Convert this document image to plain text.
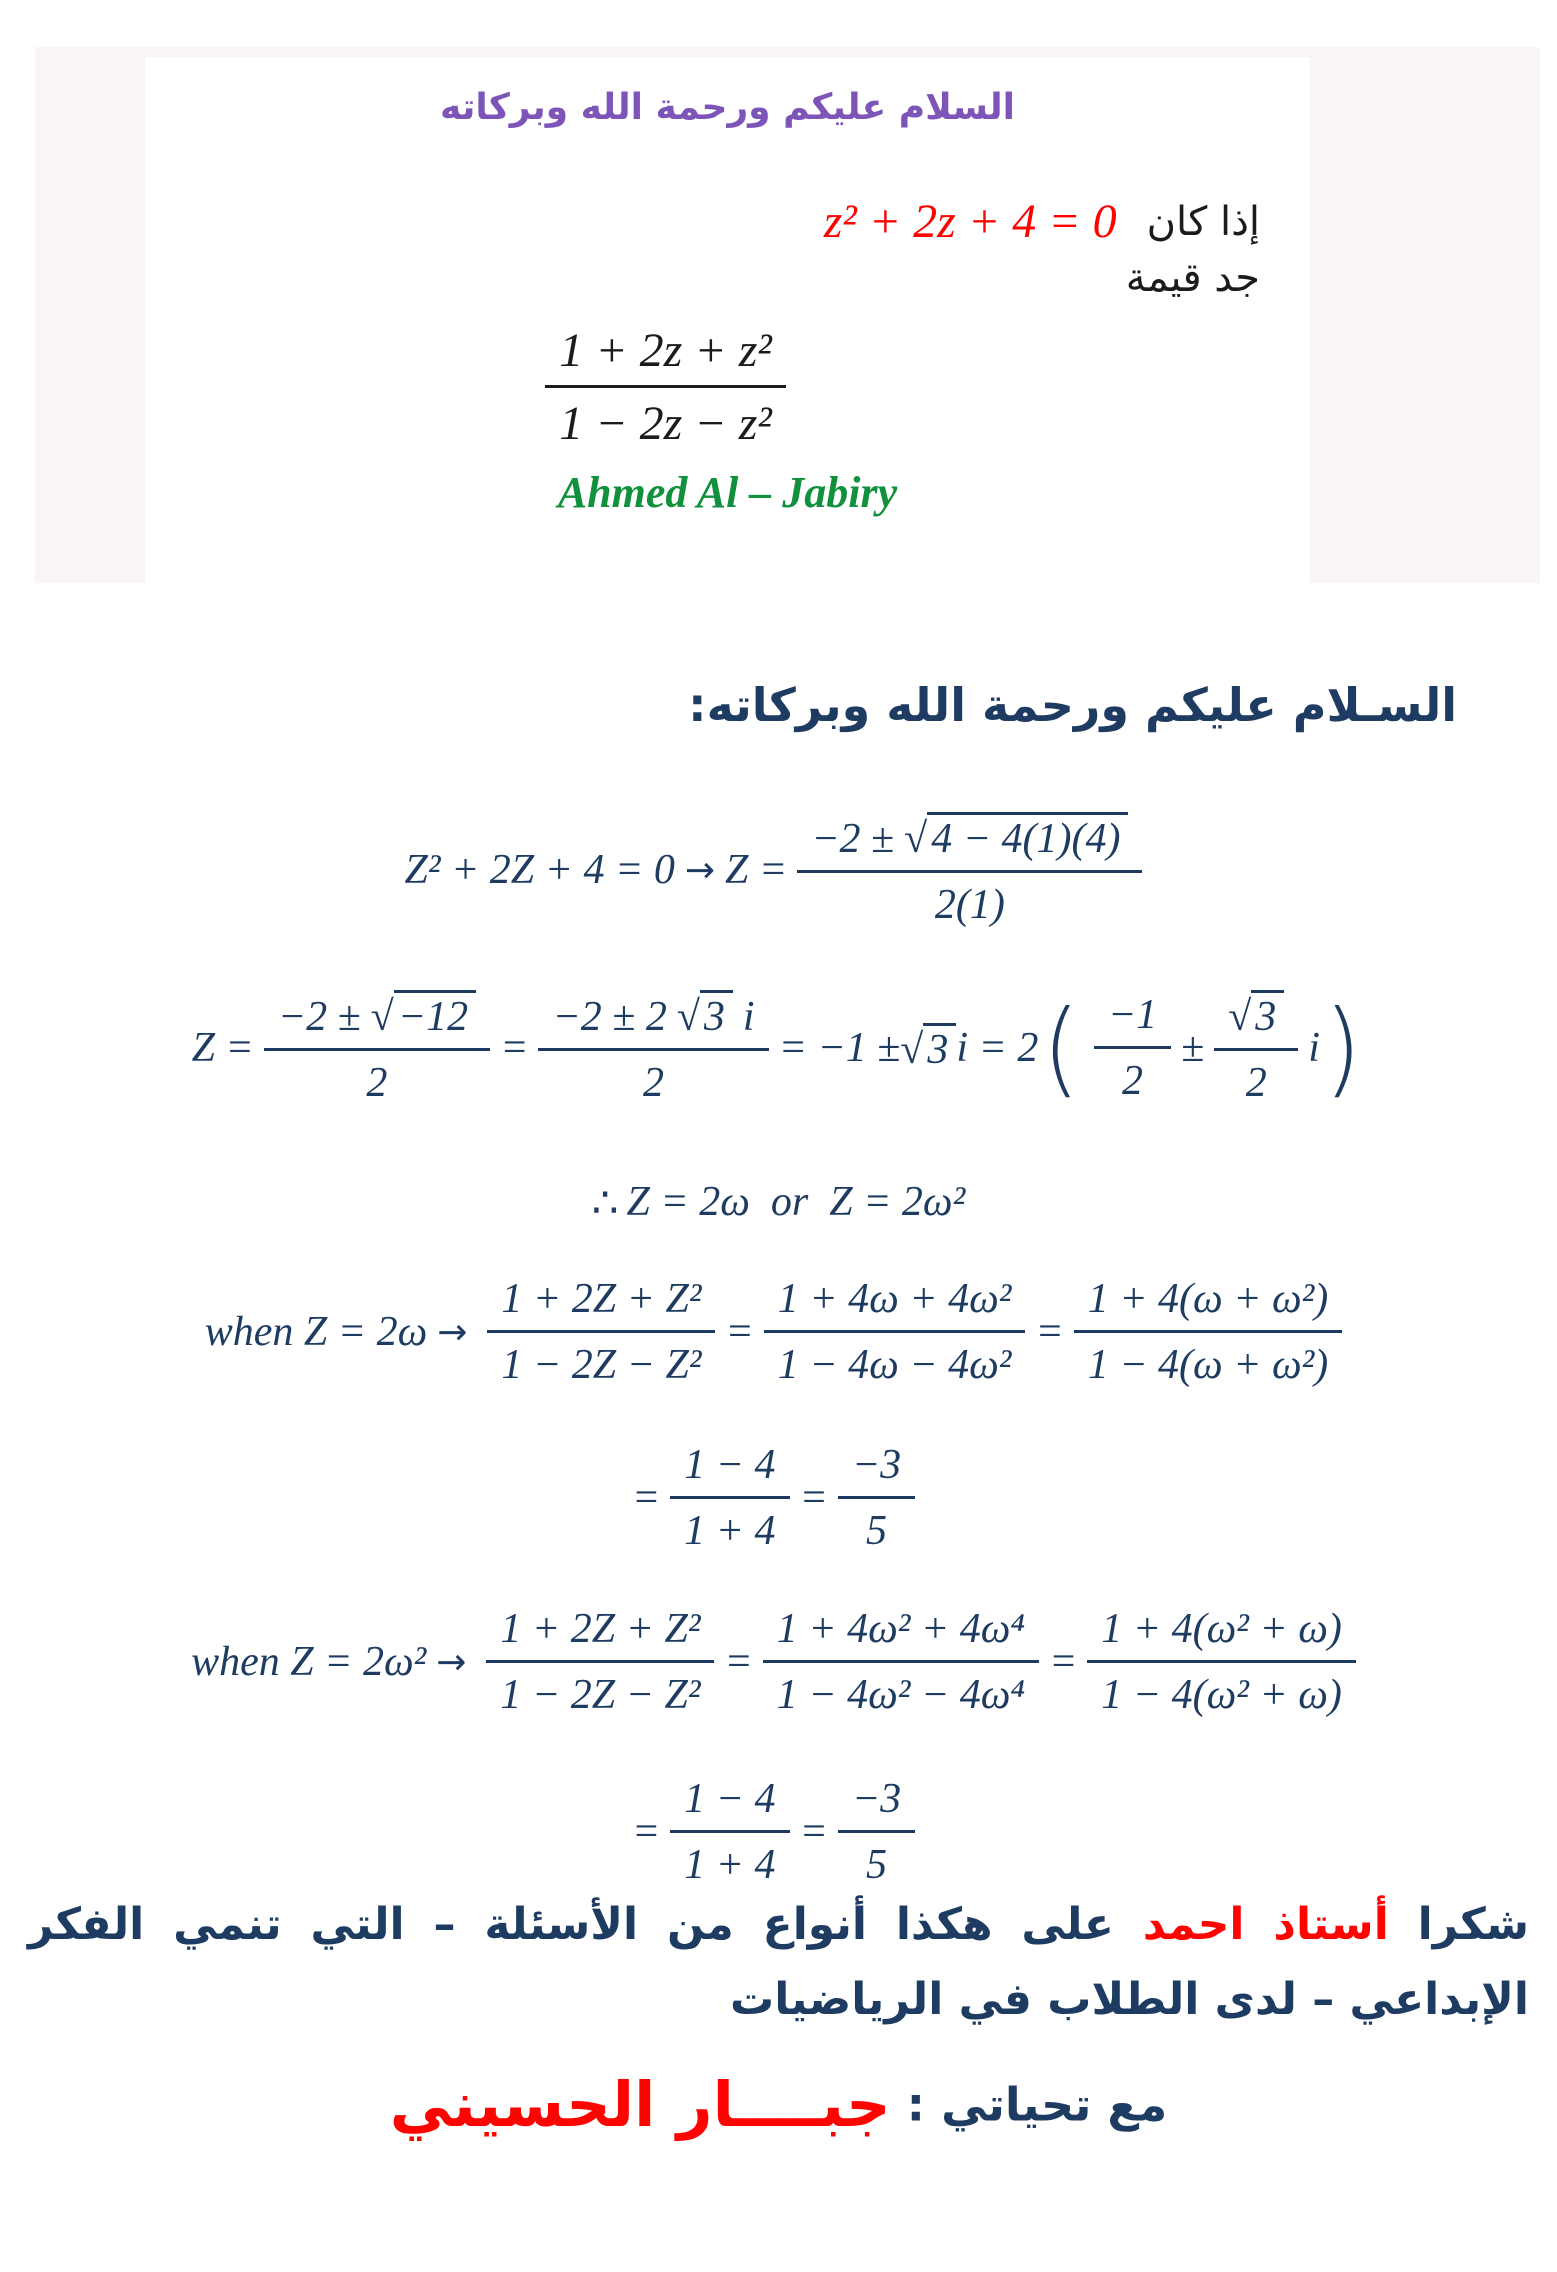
السلام عليكم ورحمة الله وبركاته
z² + 2z + 4 = 0 إذا كان
جد قيمة
$\frac{\text{1 + 2z + z²}}{\text{1 − 2z − z²}}$
Ahmed Al – Jabiry
السـلام عليكم ورحمة الله وبركاته:
$Z^2 + 2Z + 4 = 0 \to Z = \frac{-2 \pm √ 4 - 4(1)(4)}{2(1)}$
$Z = \frac{-2 \pm √ -12}{2} = \frac{-2 \pm 2 √ 3 i}{2} = -1$ ± √ 3 i = 2 ( $\frac{-1}{2} \pm \frac{√ 3}{2}$ i )
∴ Z = 2ω  or  Z = 2ω²
when $Z = 2\omega \to \frac{\text{1 + 2Z + Z²}}{\text{1 − 2Z − Z²}} = \frac{\text{1 + 4ω + 4ω²}}{\text{1 − 4ω − 4ω²}} = \frac{\text{1 + 4(ω + ω²)}}{\text{1 − 4(ω + ω²)}}$
= $\frac{1 - 4}{1 + 4} = \frac{-3}{5}$
when $Z = 2\omega^2 \to \frac{\text{1 + 2Z + Z²}}{\text{1 − 2Z − Z²}} = \frac{\text{1 + 4ω² + 4ω⁴}}{\text{1 − 4ω² − 4ω⁴}} = \frac{\text{1 + 4(ω² + ω)}}{\text{1 − 4(ω² + ω)}}$
= $\frac{1 - 4}{1 + 4} = \frac{-3}{5}$
شكرا أستاذ احمد على هكذا أنواع من الأسئلة – التي تنمي الفكر
الإبداعي – لدى الطلاب في الرياضيات
مع تحياتي : جبــــار الحسيني
